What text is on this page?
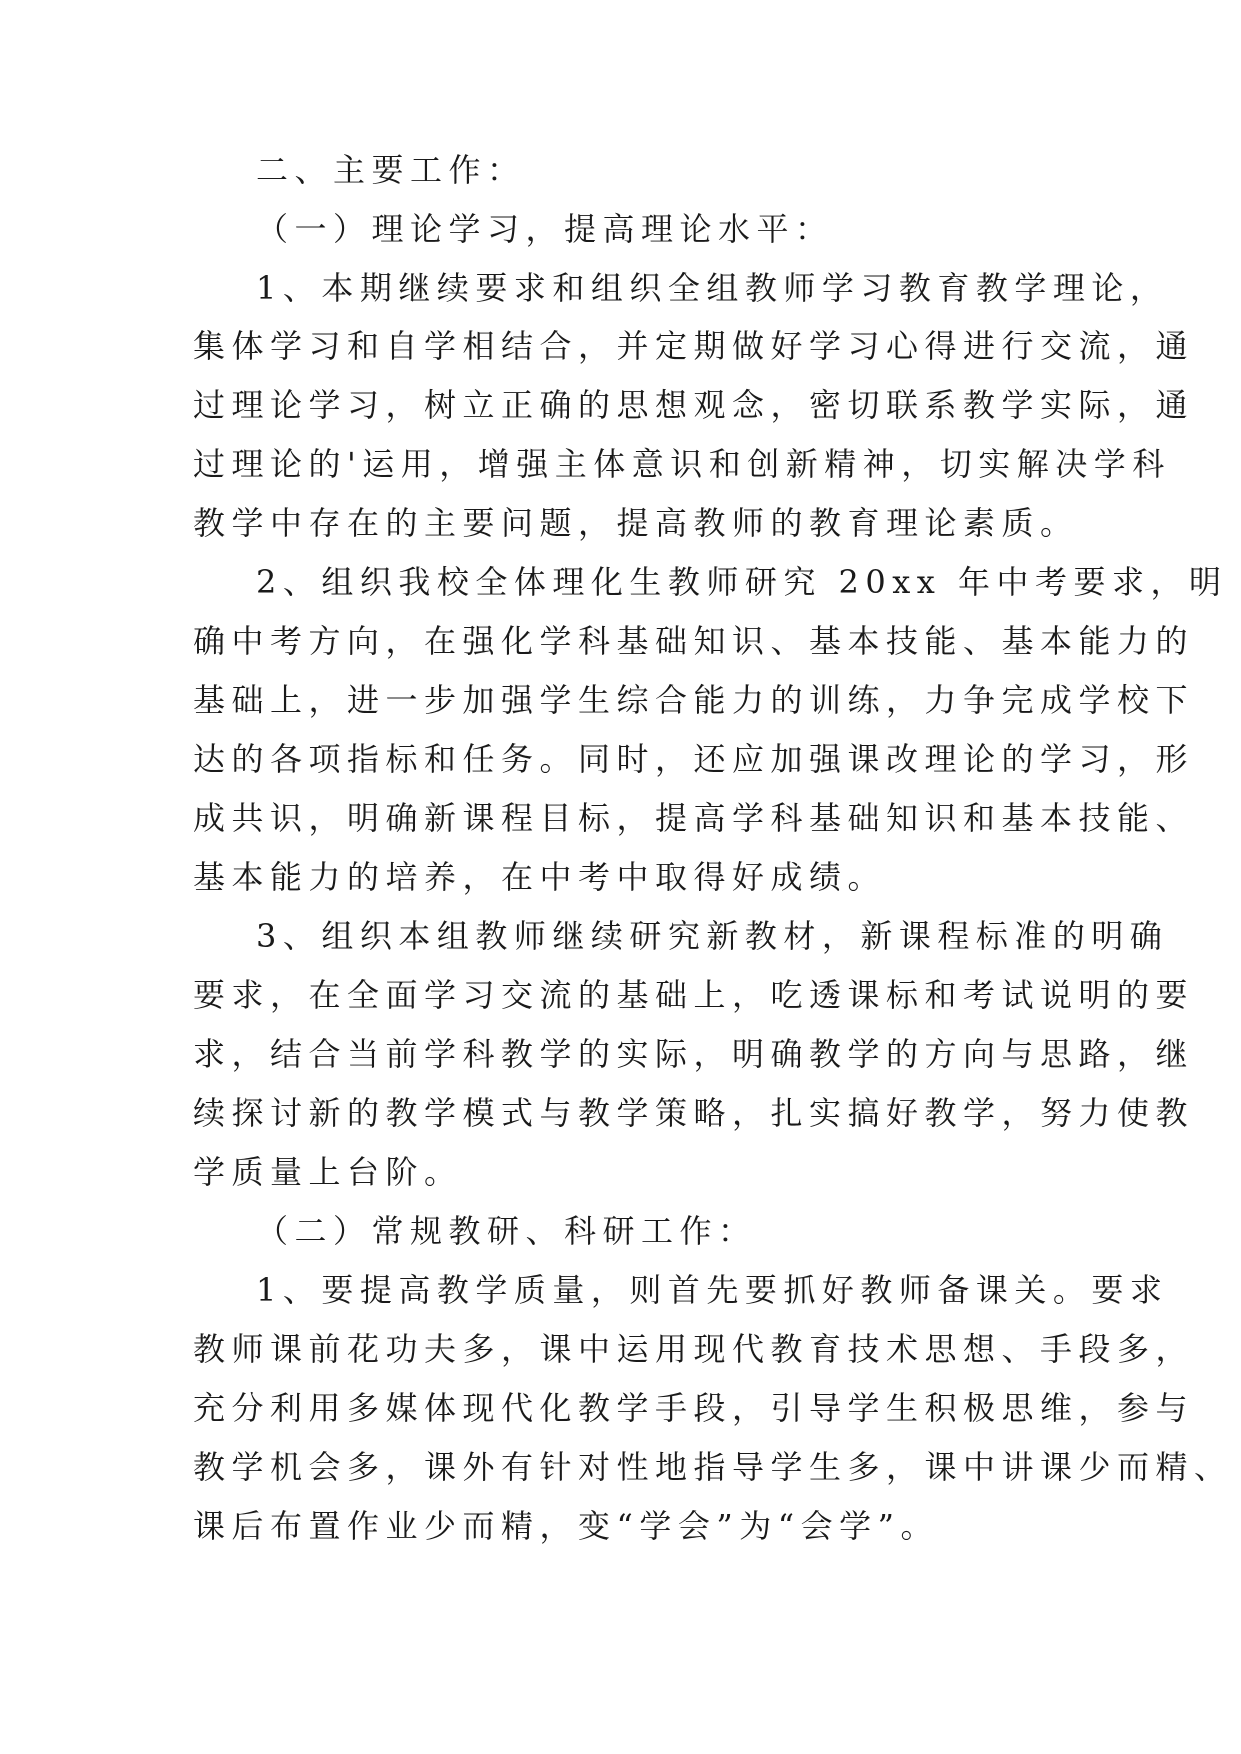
二、主要工作：
（一）理论学习，提高理论水平：
1、本期继续要求和组织全组教师学习教育教学理论，
集体学习和自学相结合，并定期做好学习心得进行交流，通
过理论学习，树立正确的思想观念，密切联系教学实际，通
过理论的'运用，增强主体意识和创新精神，切实解决学科
教学中存在的主要问题，提高教师的教育理论素质。
2、组织我校全体理化生教师研究 20xx 年中考要求，明
确中考方向，在强化学科基础知识、基本技能、基本能力的
基础上，进一步加强学生综合能力的训练，力争完成学校下
达的各项指标和任务。同时，还应加强课改理论的学习，形
成共识，明确新课程目标，提高学科基础知识和基本技能、
基本能力的培养，在中考中取得好成绩。
3、组织本组教师继续研究新教材，新课程标准的明确
要求，在全面学习交流的基础上，吃透课标和考试说明的要
求，结合当前学科教学的实际，明确教学的方向与思路，继
续探讨新的教学模式与教学策略，扎实搞好教学，努力使教
学质量上台阶。
（二）常规教研、科研工作：
1、要提高教学质量，则首先要抓好教师备课关。要求
教师课前花功夫多，课中运用现代教育技术思想、手段多，
充分利用多媒体现代化教学手段，引导学生积极思维，参与
教学机会多，课外有针对性地指导学生多，课中讲课少而精、
课后布置作业少而精，变“学会”为“会学”。
